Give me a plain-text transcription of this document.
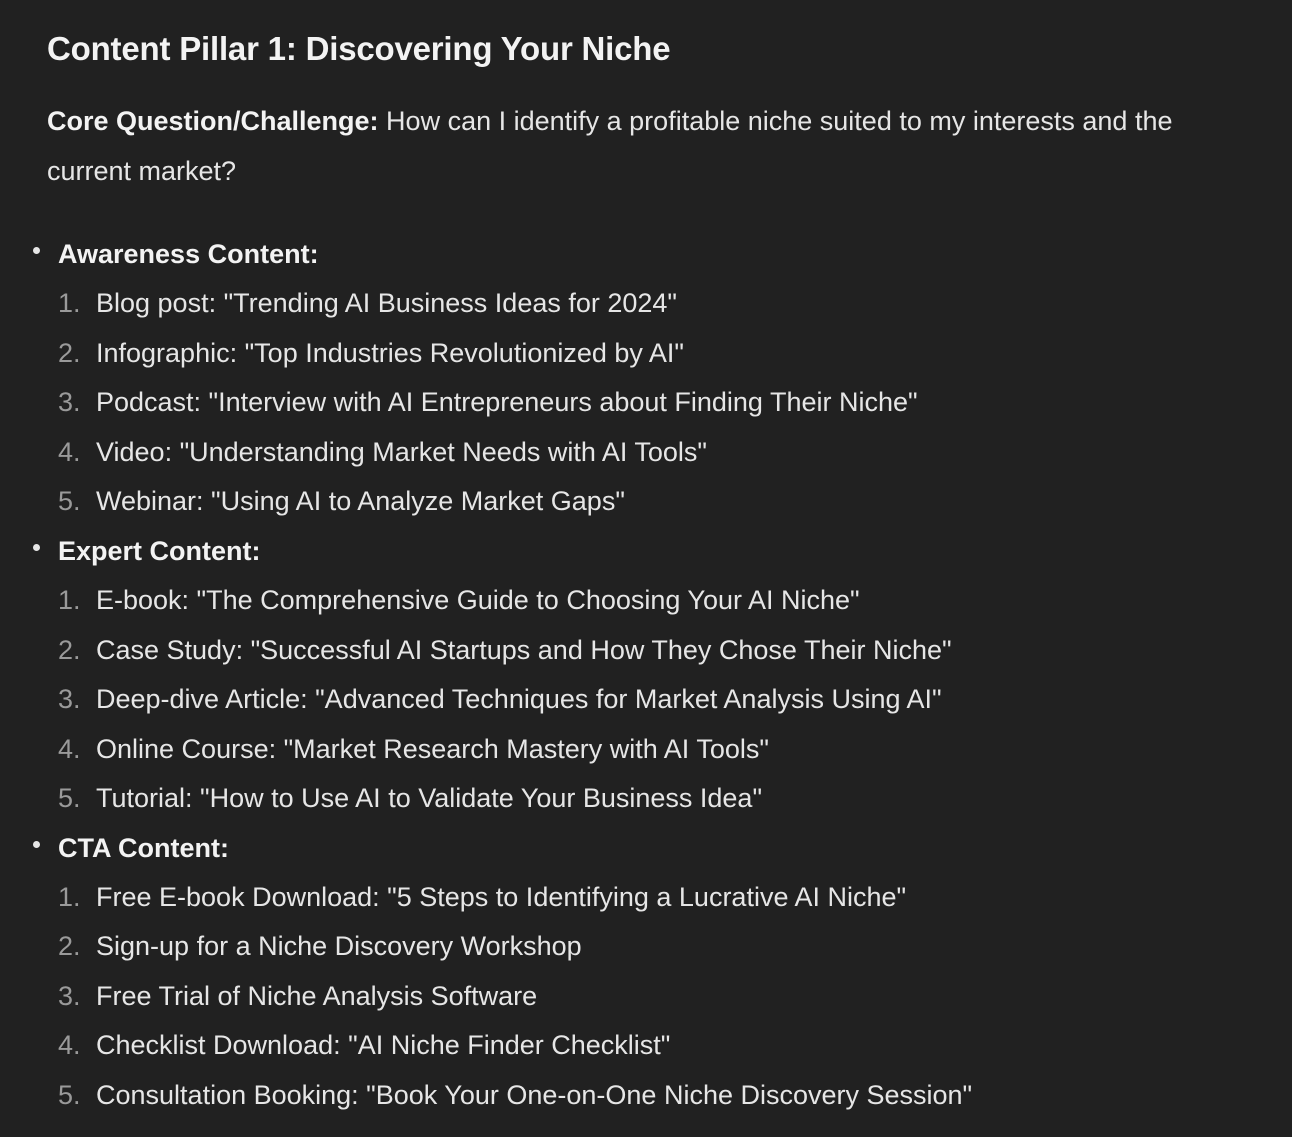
Content Pillar 1: Discovering Your Niche

Core Question/Challenge: How can I identify a profitable niche suited to my interests and the current market?

Awareness Content:
1. Blog post: "Trending AI Business Ideas for 2024"
2. Infographic: "Top Industries Revolutionized by AI"
3. Podcast: "Interview with AI Entrepreneurs about Finding Their Niche"
4. Video: "Understanding Market Needs with AI Tools"
5. Webinar: "Using AI to Analyze Market Gaps"
Expert Content:
1. E-book: "The Comprehensive Guide to Choosing Your AI Niche"
2. Case Study: "Successful AI Startups and How They Chose Their Niche"
3. Deep-dive Article: "Advanced Techniques for Market Analysis Using AI"
4. Online Course: "Market Research Mastery with AI Tools"
5. Tutorial: "How to Use AI to Validate Your Business Idea"
CTA Content:
1. Free E-book Download: "5 Steps to Identifying a Lucrative AI Niche"
2. Sign-up for a Niche Discovery Workshop
3. Free Trial of Niche Analysis Software
4. Checklist Download: "AI Niche Finder Checklist"
5. Consultation Booking: "Book Your One-on-One Niche Discovery Session"
